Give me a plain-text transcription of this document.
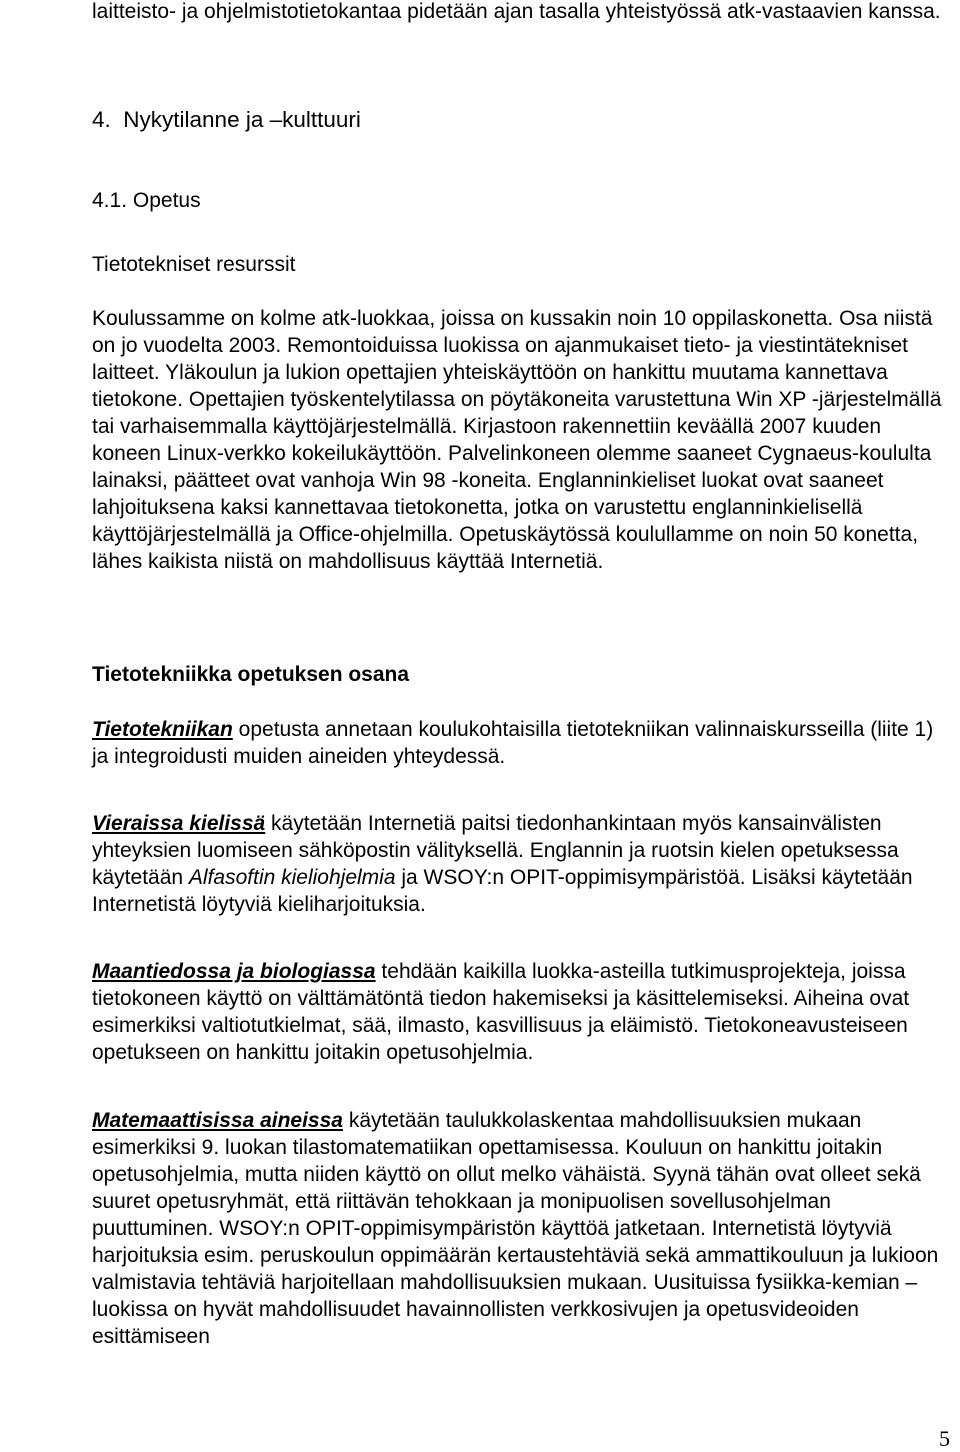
laitteisto- ja ohjelmistotietokantaa pidetään ajan tasalla yhteistyössä atk-vastaavien kanssa.

4. Nykytilanne ja –kulttuuri

4.1. Opetus

Tietotekniset resurssit

Koulussamme on kolme atk-luokkaa, joissa on kussakin noin 10 oppilaskonetta. Osa niistä on jo vuodelta 2003. Remontoiduissa luokissa on ajanmukaiset tieto- ja viestintätekniset laitteet. Yläkoulun ja lukion opettajien yhteiskäyttöön on hankittu muutama kannettava tietokone. Opettajien työskentelytilassa on pöytäkoneita varustettuna Win XP -järjestelmällä tai varhaisemmalla käyttöjärjestelmällä. Kirjastoon rakennettiin keväällä 2007 kuuden koneen Linux-verkko kokeilukäyttöön. Palvelinkoneen olemme saaneet Cygnaeus-koululta lainaksi, päätteet ovat vanhoja Win 98 -koneita. Englanninkieliset luokat ovat saaneet lahjoituksena kaksi kannettavaa tietokonetta, jotka on varustettu englanninkielisellä käyttöjärjestelmällä ja Office-ohjelmilla. Opetuskäytössä koulullamme on noin 50 konetta, lähes kaikista niistä on mahdollisuus käyttää Internetiä.

Tietotekniikka opetuksen osana

Tietotekniikan opetusta annetaan koulukohtaisilla tietotekniikan valinnaiskursseilla (liite 1) ja integroidusti muiden aineiden yhteydessä.

Vieraissa kielissä käytetään Internetiä paitsi tiedonhankintaan myös kansainvälisten yhteyksien luomiseen sähköpostin välityksellä. Englannin ja ruotsin kielen opetuksessa käytetään Alfasoftin kieliohjelmia ja WSOY:n OPIT-oppimisympäristöä. Lisäksi käytetään Internetistä löytyviä kieliharjoituksia.

Maantiedossa ja biologiassa tehdään kaikilla luokka-asteilla tutkimusprojekteja, joissa tietokoneen käyttö on välttämätöntä tiedon hakemiseksi ja käsittelemiseksi. Aiheina ovat esimerkiksi valtiotutkielmat, sää, ilmasto, kasvillisuus ja eläimistö. Tietokoneavusteiseen opetukseen on hankittu joitakin opetusohjelmia.

Matemaattisissa aineissa käytetään taulukkolaskentaa mahdollisuuksien mukaan esimerkiksi 9. luokan tilastomatematiikan opettamisessa. Kouluun on hankittu joitakin opetusohjelmia, mutta niiden käyttö on ollut melko vähäistä. Syynä tähän ovat olleet sekä suuret opetusryhmät, että riittävän tehokkaan ja monipuolisen sovellusohjelman puuttuminen. WSOY:n OPIT-oppimisympäristön käyttöä jatketaan. Internetistä löytyviä harjoituksia esim. peruskoulun oppimäärän kertaustehtäviä sekä ammattikouluun ja lukioon valmistavia tehtäviä harjoitellaan mahdollisuuksien mukaan. Uusituissa fysiikka-kemian –luokissa on hyvät mahdollisuudet havainnollisten verkkosivujen ja opetusvideoiden esittämiseen

5
